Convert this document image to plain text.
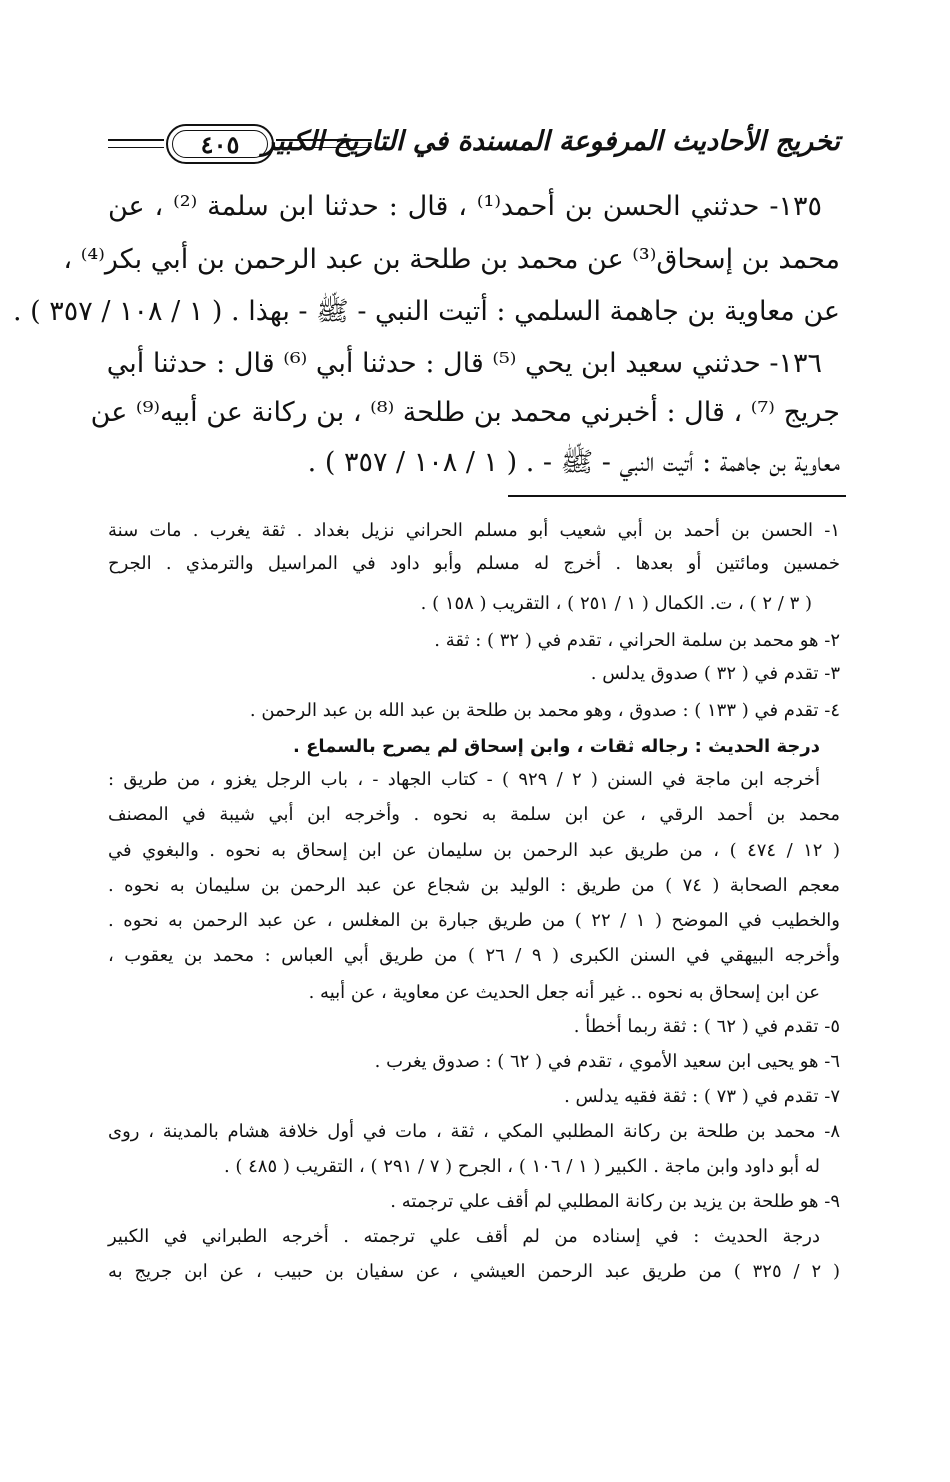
تخريج الأحاديث المرفوعة المسندة في التاريخ الكبير
٤٠٥
١٣٥- حدثني الحسن بن أحمد⁽¹⁾ ، قال : حدثنا ابن سلمة ⁽²⁾ ، عن
محمد بن إسحاق⁽³⁾ عن محمد بن طلحة بن عبد الرحمن بن أبي بكر⁽⁴⁾ ،
عن معاوية بن جاهمة السلمي : أتيت النبي - ﷺ - بهذا . ( ١ / ١٠٨ / ٣٥٧ ) .
١٣٦- حدثني سعيد ابن يحي ⁽⁵⁾ قال : حدثنا أبي ⁽⁶⁾ قال : حدثنا أبي
جريج ⁽⁷⁾ ، قال : أخبرني محمد بن طلحة ⁽⁸⁾ ، بن ركانة عن أبيه⁽⁹⁾ عن
معاوية بن جاهمة : أتيت النبي - ﷺ - . ( ١ / ١٠٨ / ٣٥٧ ) .
١- الحسن بن أحمد بن أبي شعيب أبو مسلم الحراني نزيل بغداد . ثقة يغرب . مات سنة
خمسين ومائتين أو بعدها . أخرج له مسلم وأبو داود في المراسيل والترمذي . الجرح
( ٣ / ٢ ) ، ت. الكمال ( ١ / ٢٥١ ) ، التقريب ( ١٥٨ ) .
٢- هو محمد بن سلمة الحراني ، تقدم في ( ٣٢ ) : ثقة .
٣- تقدم في ( ٣٢ ) صدوق يدلس .
٤- تقدم في ( ١٣٣ ) : صدوق ، وهو محمد بن طلحة بن عبد الله بن عبد الرحمن .
درجة الحديث : رجاله ثقات ، وابن إسحاق لم يصرح بالسماع .
أخرجه ابن ماجة في السنن ( ٢ / ٩٢٩ ) - كتاب الجهاد - ، باب الرجل يغزو ، من طريق :
محمد بن أحمد الرقي ، عن ابن سلمة به نحوه . وأخرجه ابن أبي شيبة في المصنف
( ١٢ / ٤٧٤ ) ، من طريق عبد الرحمن بن سليمان عن ابن إسحاق به نحوه . والبغوي في
معجم الصحابة ( ٧٤ ) من طريق : الوليد بن شجاع عن عبد الرحمن بن سليمان به نحوه .
والخطيب في الموضح ( ١ / ٢٢ ) من طريق جبارة بن المغلس ، عن عبد الرحمن به نحوه .
وأخرجه البيهقي في السنن الكبرى ( ٩ / ٢٦ ) من طريق أبي العباس : محمد بن يعقوب ،
عن ابن إسحاق به نحوه .. غير أنه جعل الحديث عن معاوية ، عن أبيه .
٥- تقدم في ( ٦٢ ) : ثقة ربما أخطأ .
٦- هو يحيى ابن سعيد الأموي ، تقدم في ( ٦٢ ) : صدوق يغرب .
٧- تقدم في ( ٧٣ ) : ثقة فقيه يدلس .
٨- محمد بن طلحة بن ركانة المطلبي المكي ، ثقة ، مات في أول خلافة هشام بالمدينة ، روى
له أبو داود وابن ماجة . الكبير ( ١ / ١٠٦ ) ، الجرح ( ٧ / ٢٩١ ) ، التقريب ( ٤٨٥ ) .
٩- هو طلحة بن يزيد بن ركانة المطلبي لم أقف علي ترجمته .
درجة الحديث : في إسناده من لم أقف علي ترجمته . أخرجه الطبراني في الكبير
( ٢ / ٣٢٥ ) من طريق عبد الرحمن العيشي ، عن سفيان بن حبيب ، عن ابن جريج به
